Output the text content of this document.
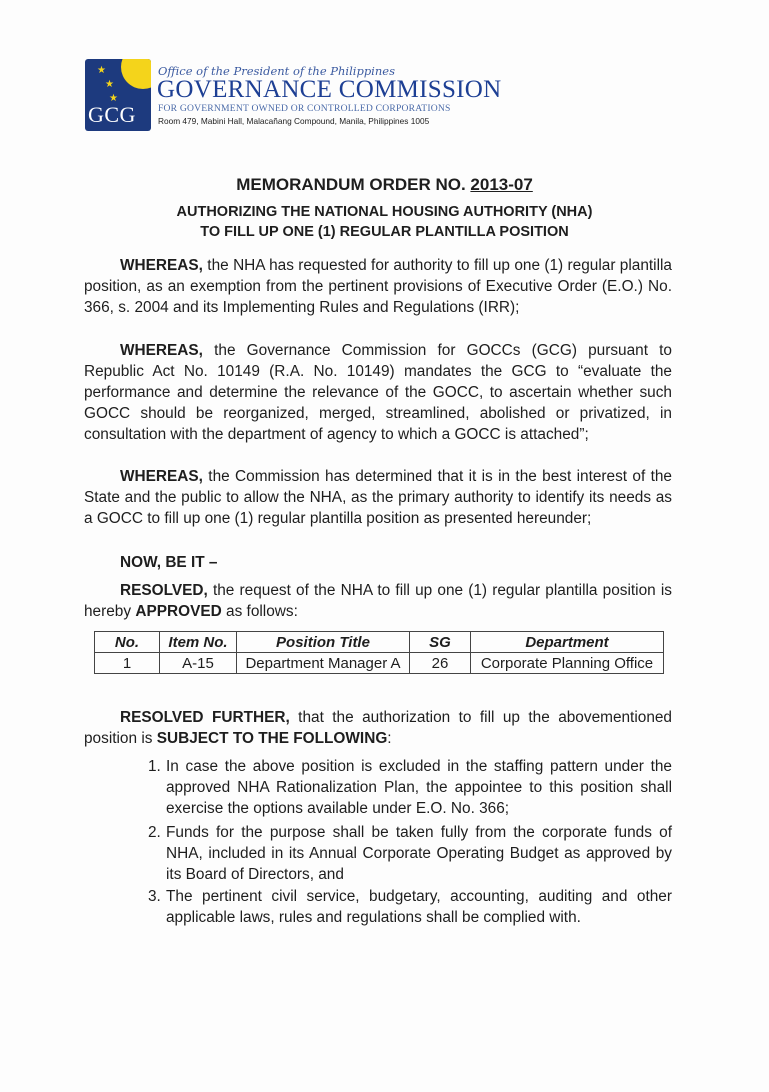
★
★
★
GCG
Office of the President of the Philippines
GOVERNANCE COMMISSION
FOR GOVERNMENT OWNED OR CONTROLLED CORPORATIONS
Room 479, Mabini Hall, Malacañang Compound, Manila, Philippines 1005
MEMORANDUM ORDER NO. 2013-07
AUTHORIZING THE NATIONAL HOUSING AUTHORITY (NHA)
TO FILL UP ONE (1) REGULAR PLANTILLA POSITION
WHEREAS, the NHA has requested for authority to fill up one (1) regular plantilla position, as an exemption from the pertinent provisions of Executive Order (E.O.) No. 366, s. 2004 and its Implementing Rules and Regulations (IRR);
WHEREAS, the Governance Commission for GOCCs (GCG) pursuant to Republic Act No. 10149 (R.A. No. 10149) mandates the GCG to “evaluate the performance and determine the relevance of the GOCC, to ascertain whether such GOCC should be reorganized, merged, streamlined, abolished or privatized, in consultation with the department of agency to which a GOCC is attached”;
WHEREAS, the Commission has determined that it is in the best interest of the State and the public to allow the NHA, as the primary authority to identify its needs as a GOCC to fill up one (1) regular plantilla position as presented hereunder;
NOW, BE IT –
RESOLVED, the request of the NHA to fill up one (1) regular plantilla position is hereby APPROVED as follows:
No.	Item No.	Position Title	SG	Department
1	A-15	Department Manager A	26	Corporate Planning Office
RESOLVED FURTHER, that the authorization to fill up the abovementioned position is SUBJECT TO THE FOLLOWING:
1. In case the above position is excluded in the staffing pattern under the approved NHA Rationalization Plan, the appointee to this position shall exercise the options available under E.O. No. 366;
2. Funds for the purpose shall be taken fully from the corporate funds of NHA, included in its Annual Corporate Operating Budget as approved by its Board of Directors, and
3. The pertinent civil service, budgetary, accounting, auditing and other applicable laws, rules and regulations shall be complied with.
